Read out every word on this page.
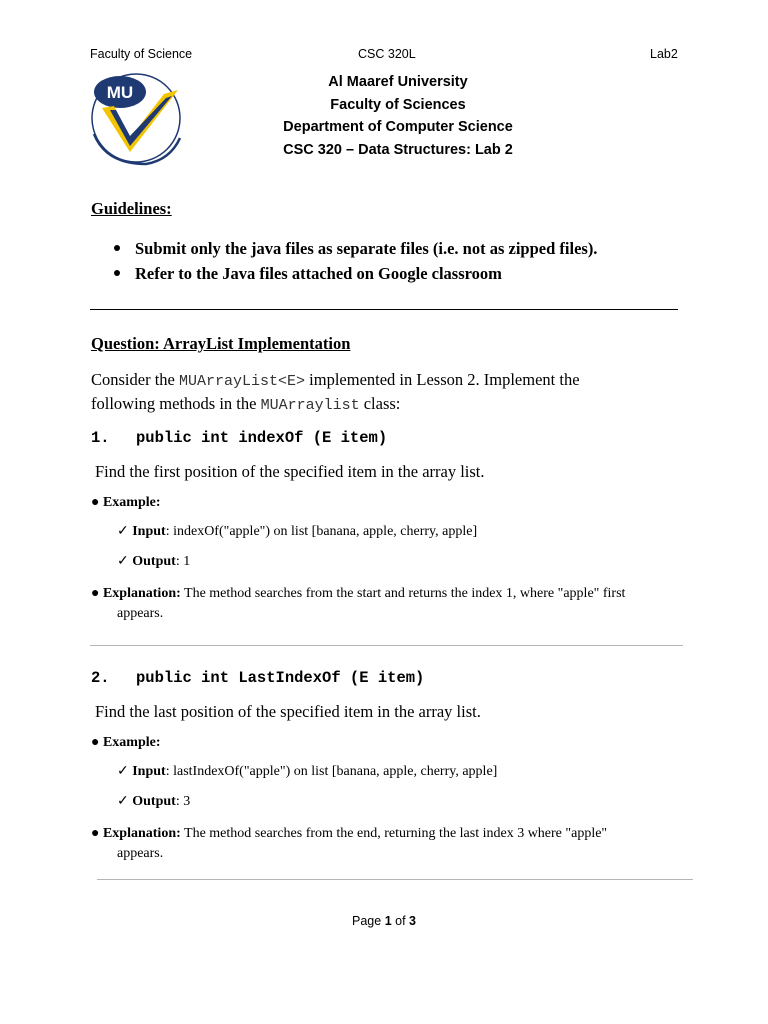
Faculty of Science	CSC 320L	Lab2
MU
Al Maaref University
Faculty of Sciences
Department of Computer Science
CSC 320 – Data Structures: Lab 2
Guidelines:
Submit only the java files as separate files (i.e. not as zipped files).
Refer to the Java files attached on Google classroom
Question: ArrayList Implementation
Consider the MUArrayList<E> implemented in Lesson 2. Implement the
following methods in the MUArraylist class:
1. public int indexOf (E item)
Find the first position of the specified item in the array list.
● Example:
✓ Input: indexOf("apple") on list [banana, apple, cherry, apple]
✓ Output: 1
● Explanation: The method searches from the start and returns the index 1, where "apple" first
appears.
2. public int LastIndexOf (E item)
Find the last position of the specified item in the array list.
● Example:
✓ Input: lastIndexOf("apple") on list [banana, apple, cherry, apple]
✓ Output: 3
● Explanation: The method searches from the end, returning the last index 3 where "apple"
appears.
Page 1 of 3
